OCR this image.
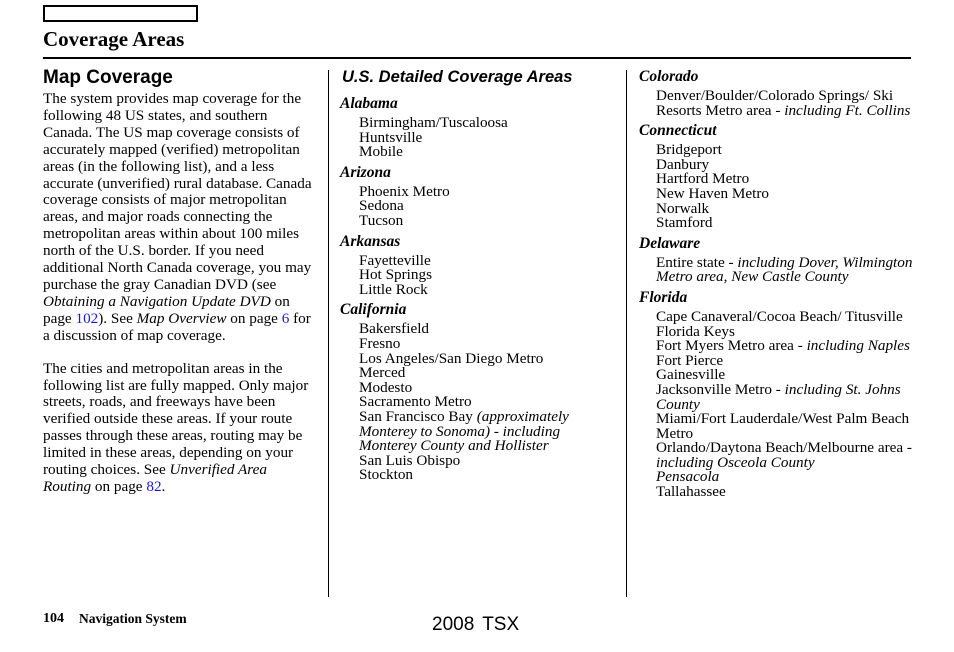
Coverage Areas
Map Coverage

The system provides map coverage for the following 48 US states, and southern Canada. The US map coverage consists of accurately mapped (verified) metropolitan areas (in the following list), and a less accurate (unverified) rural database. Canada coverage consists of major metropolitan areas, and major roads connecting the metropolitan areas within about 100 miles north of the U.S. border. If you need additional North Canada coverage, you may purchase the gray Canadian DVD (see Obtaining a Navigation Update DVD on page 102). See Map Overview on page 6 for a discussion of map coverage.

The cities and metropolitan areas in the following list are fully mapped. Only major streets, roads, and freeways have been verified outside these areas. If your route passes through these areas, routing may be limited in these areas, depending on your routing choices. See Unverified Area Routing on page 82.

U.S. Detailed Coverage Areas
Alabama
Birmingham/Tuscaloosa
Huntsville
Mobile
Arizona
Phoenix Metro
Sedona
Tucson
Arkansas
Fayetteville
Hot Springs
Little Rock
California
Bakersfield
Fresno
Los Angeles/San Diego Metro
Merced
Modesto
Sacramento Metro
San Francisco Bay (approximately Monterey to Sonoma) - including Monterey County and Hollister
San Luis Obispo
Stockton
Colorado
Denver/Boulder/Colorado Springs/ Ski Resorts Metro area - including Ft. Collins
Connecticut
Bridgeport
Danbury
Hartford Metro
New Haven Metro
Norwalk
Stamford
Delaware
Entire state - including Dover, Wilmington Metro area, New Castle County
Florida
Cape Canaveral/Cocoa Beach/ Titusville
Florida Keys
Fort Myers Metro area - including Naples
Fort Pierce
Gainesville
Jacksonville Metro - including St. Johns County
Miami/Fort Lauderdale/West Palm Beach Metro
Orlando/Daytona Beach/Melbourne area - including Osceola County
Pensacola
Tallahassee
104 Navigation System	2008 TSX
